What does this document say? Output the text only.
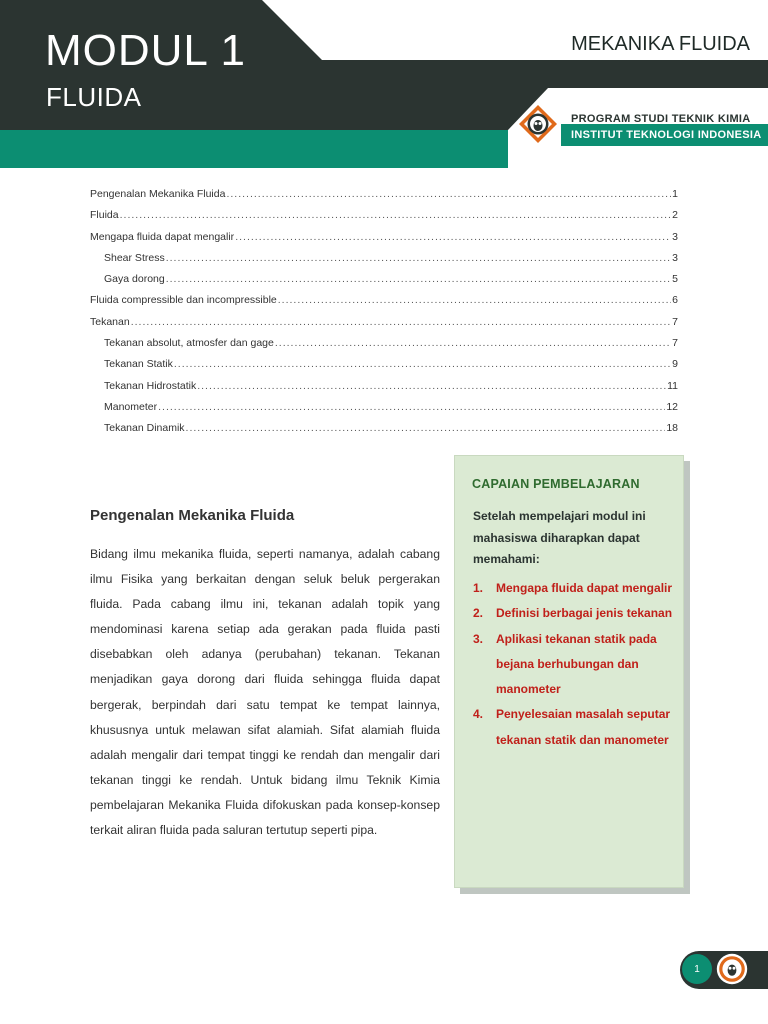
MODUL 1
FLUIDA
MEKANIKA FLUIDA
PROGRAM STUDI TEKNIK KIMIA
INSTITUT TEKNOLOGI INDONESIA
Pengenalan Mekanika Fluida .....	1
Fluida .....	2
Mengapa fluida dapat mengalir .....	3
Shear Stress .....	3
Gaya dorong .....	5
Fluida compressible dan incompressible .....	6
Tekanan .....	7
Tekanan absolut, atmosfer dan gage .....	7
Tekanan Statik .....	9
Tekanan Hidrostatik .....	11
Manometer .....	12
Tekanan Dinamik .....	18
Pengenalan Mekanika Fluida
Bidang ilmu mekanika fluida, seperti namanya, adalah cabang ilmu Fisika yang berkaitan dengan seluk beluk pergerakan fluida. Pada cabang ilmu ini, tekanan adalah topik yang mendominasi karena setiap ada gerakan pada fluida pasti disebabkan oleh adanya (perubahan) tekanan. Tekanan menjadikan gaya dorong dari fluida sehingga fluida dapat bergerak, berpindah dari satu tempat ke tempat lainnya, khususnya untuk melawan sifat alamiah. Sifat alamiah fluida adalah mengalir dari tempat tinggi ke rendah dan mengalir dari tekanan tinggi ke rendah. Untuk bidang ilmu Teknik Kimia pembelajaran Mekanika Fluida difokuskan pada konsep-konsep terkait aliran fluida pada saluran tertutup seperti pipa.
CAPAIAN PEMBELAJARAN
Setelah mempelajari modul ini mahasiswa diharapkan dapat memahami:
1.	Mengapa fluida dapat mengalir
2.	Definisi berbagai jenis tekanan
3.	Aplikasi tekanan statik pada bejana berhubungan dan manometer
4.	Penyelesaian masalah seputar tekanan statik dan manometer
1
